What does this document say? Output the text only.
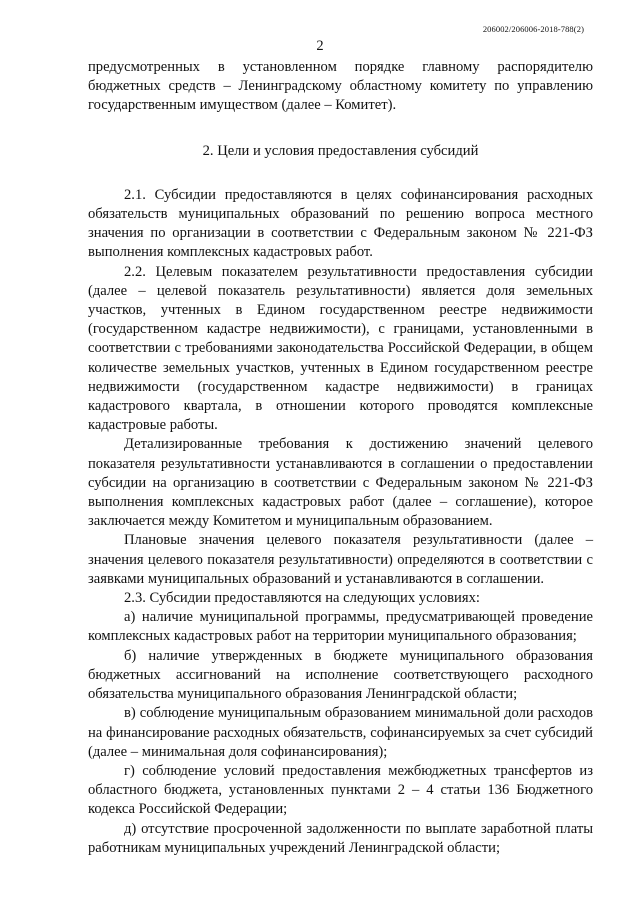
206002/206006-2018-788(2)
2

предусмотренных в установленном порядке главному распорядителю бюджетных средств – Ленинградскому областному комитету по управлению государственным имуществом (далее – Комитет).

2. Цели и условия предоставления субсидий

2.1. Субсидии предоставляются в целях софинансирования расходных обязательств муниципальных образований по решению вопроса местного значения по организации в соответствии с Федеральным законом № 221-ФЗ выполнения комплексных кадастровых работ.

2.2. Целевым показателем результативности предоставления субсидии (далее – целевой показатель результативности) является доля земельных участков, учтенных в Едином государственном реестре недвижимости (государственном кадастре недвижимости), с границами, установленными в соответствии с требованиями законодательства Российской Федерации, в общем количестве земельных участков, учтенных в Едином государственном реестре недвижимости (государственном кадастре недвижимости) в границах кадастрового квартала, в отношении которого проводятся комплексные кадастровые работы.

Детализированные требования к достижению значений целевого показателя результативности устанавливаются в соглашении о предоставлении субсидии на организацию в соответствии с Федеральным законом № 221-ФЗ выполнения комплексных кадастровых работ (далее – соглашение), которое заключается между Комитетом и муниципальным образованием.

Плановые значения целевого показателя результативности (далее – значения целевого показателя результативности) определяются в соответствии с заявками муниципальных образований и устанавливаются в соглашении.

2.3. Субсидии предоставляются на следующих условиях:

а) наличие муниципальной программы, предусматривающей проведение комплексных кадастровых работ на территории муниципального образования;

б) наличие утвержденных в бюджете муниципального образования бюджетных ассигнований на исполнение соответствующего расходного обязательства муниципального образования Ленинградской области;

в) соблюдение муниципальным образованием минимальной доли расходов на финансирование расходных обязательств, софинансируемых за счет субсидий (далее – минимальная доля софинансирования);

г) соблюдение условий предоставления межбюджетных трансфертов из областного бюджета, установленных пунктами 2 – 4 статьи 136 Бюджетного кодекса Российской Федерации;

д) отсутствие просроченной задолженности по выплате заработной платы работникам муниципальных учреждений Ленинградской области;
